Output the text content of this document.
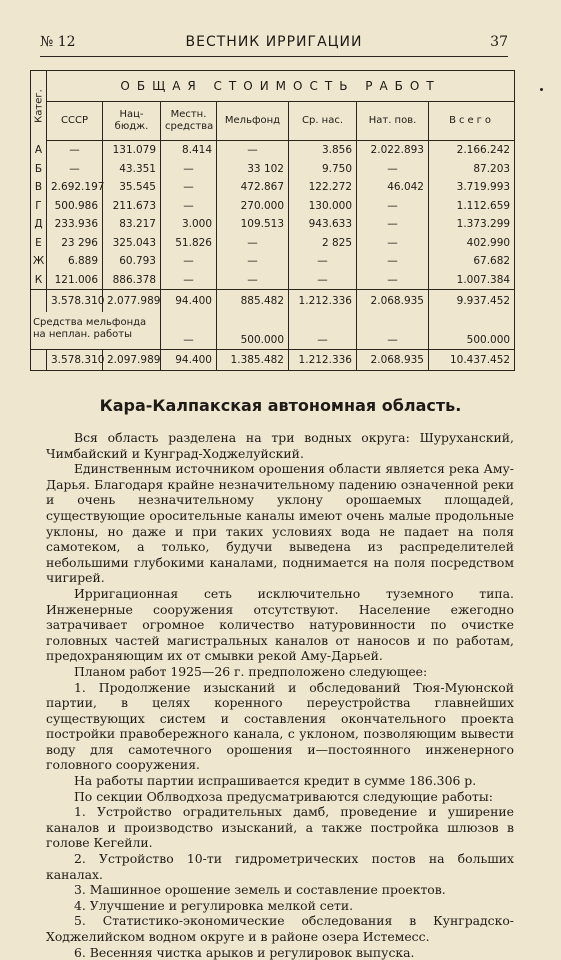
№ 12	ВЕСТНИК ИРРИГАЦИИ	37
Катег.	ОБЩАЯ СТОИМОСТЬ РАБОТ						
	СССР	Нац-бюдж.	Местн. средства	Мельфонд	Ср. нас.	Нат. пов.	Всего
А	—	131.079	8.414	—	3.856	2.022.893	2.166.242
Б	—	43.351	—	33 102	9.750	—	87.203
В	2.692.197	35.545	—	472.867	122.272	46.042	3.719.993
Г	500.986	211.673	—	270.000	130.000	—	1.112.659
Д	233.936	83.217	3.000	109.513	943.633	—	1.373.299
Е	23 296	325.043	51.826	—	2 825	—	402.990
Ж	6.889	60.793	—	—	—	—	67.682
К	121.006	886.378	—	—	—	—	1.007.384
	3.578.310	2.077.989	94.400	885.482	1.212.336	2.068.935	9.937.452
Средства мельфонда
на неплан. работы			—	500.000	—	—	500.000
	3.578.310	2.097.989	94.400	1.385.482	1.212.336	2.068.935	10.437.452
Кара-Калпакская автономная область.

Вся область разделена на три водных округа: Шуруханский, Чимбайский и Кунград-Ходжелуйский.

Единственным источником орошения области является река Аму-Дарья. Благодаря крайне незначительному падению означенной реки и очень незначительному уклону орошаемых площадей, существующие оросительные каналы имеют очень малые продольные уклоны, но даже и при таких условиях вода не падает на поля самотеком, а только, будучи выведена из распределителей небольшими глубокими каналами, поднимается на поля посредством чигирей.

Ирригационная сеть исключительно туземного типа. Инженерные сооружения отсутствуют. Население ежегодно затрачивает огромное количество натуровинности по очистке головных частей магистральных каналов от наносов и по работам, предохраняющим их от смывки рекой Аму-Дарьей.

Планом работ 1925—26 г. предположено следующее:

1. Продолжение изысканий и обследований Тюя-Муюнской партии, в целях коренного переустройства главнейших существующих систем и составления окончательного проекта постройки правобережного канала, с уклоном, позволяющим вывести воду для самотечного орошения и—постоянного инженерного головного сооружения.

На работы партии испрашивается кредит в сумме 186.306 р.

По секции Облводхоза предусматриваются следующие работы:

1. Устройство оградительных дамб, проведение и уширение каналов и производство изысканий, а также постройка шлюзов в голове Кегейли.

2. Устройство 10-ти гидрометрических постов на больших каналах.

3. Машинное орошение земель и составление проектов.

4. Улучшение и регулировка мелкой сети.

5. Статистико-экономические обследования в Кунградско-Ходжелийском водном округе и в районе озера Истемесс.

6. Весенняя чистка арыков и регулировок выпуска.
